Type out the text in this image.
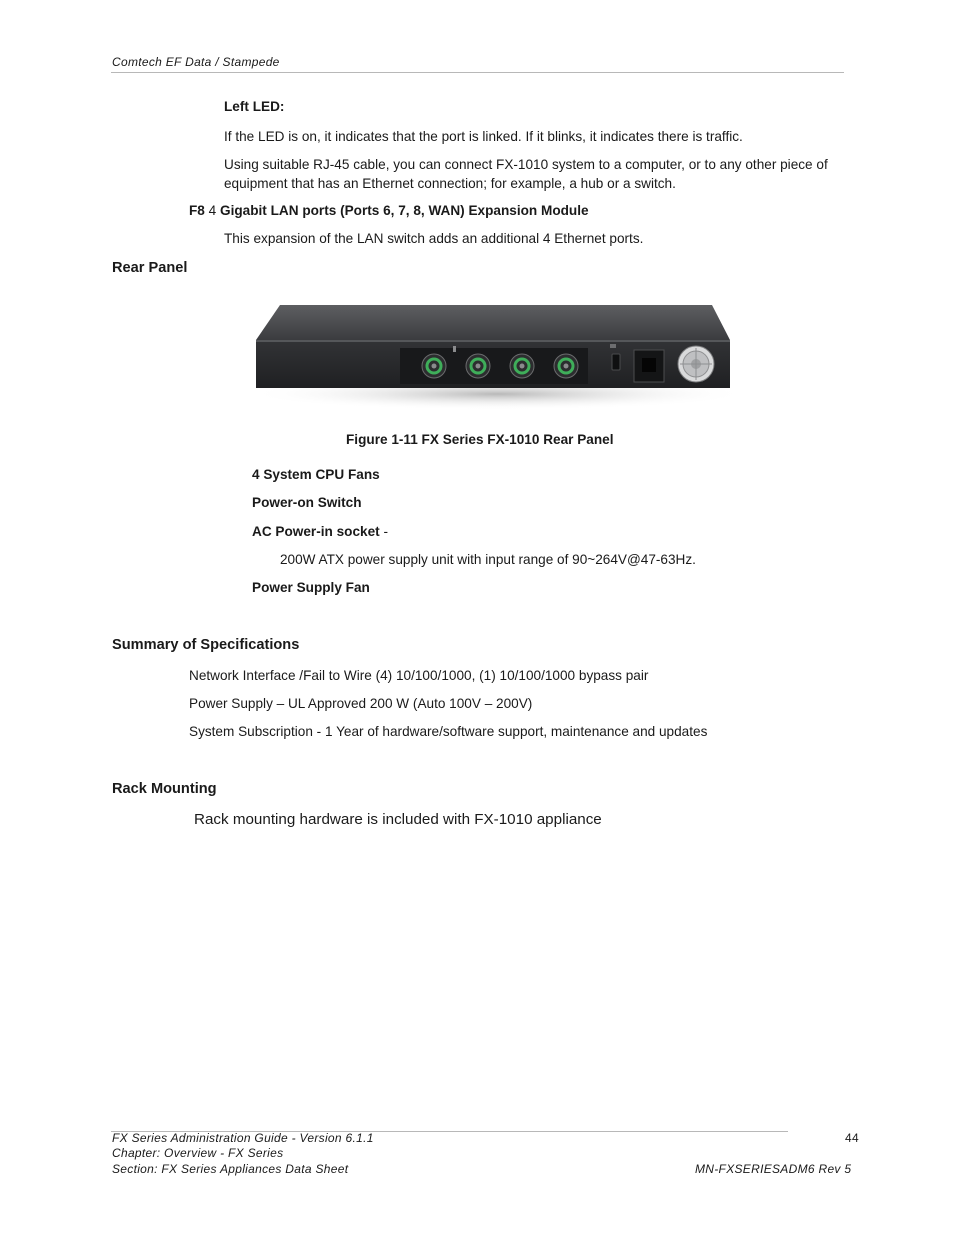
Comtech EF Data / Stampede
Left LED:
If the LED is on, it indicates that the port is linked. If it blinks, it indicates there is traffic.
Using suitable RJ-45 cable, you can connect FX-1010 system to a computer, or to any other piece of equipment that has an Ethernet connection; for example, a hub or a switch.
F8 4 Gigabit LAN ports (Ports 6, 7, 8, WAN) Expansion Module
This expansion of the LAN switch adds an additional 4 Ethernet ports.
Rear Panel
Figure 1-11 FX Series FX-1010 Rear Panel
4 System CPU Fans
Power-on Switch
AC Power-in socket -
200W ATX power supply unit with input range of 90~264V@47-63Hz.
Power Supply Fan
Summary of Specifications
Network Interface /Fail to Wire (4) 10/100/1000, (1) 10/100/1000 bypass pair
Power Supply – UL Approved 200 W (Auto 100V – 200V)
System Subscription - 1 Year of hardware/software support, maintenance and updates
Rack Mounting
Rack mounting hardware is included with FX-1010 appliance
FX Series Administration Guide - Version 6.1.1
Chapter: Overview - FX Series
Section: FX Series Appliances Data Sheet
44
MN-FXSERIESADM6 Rev 5
